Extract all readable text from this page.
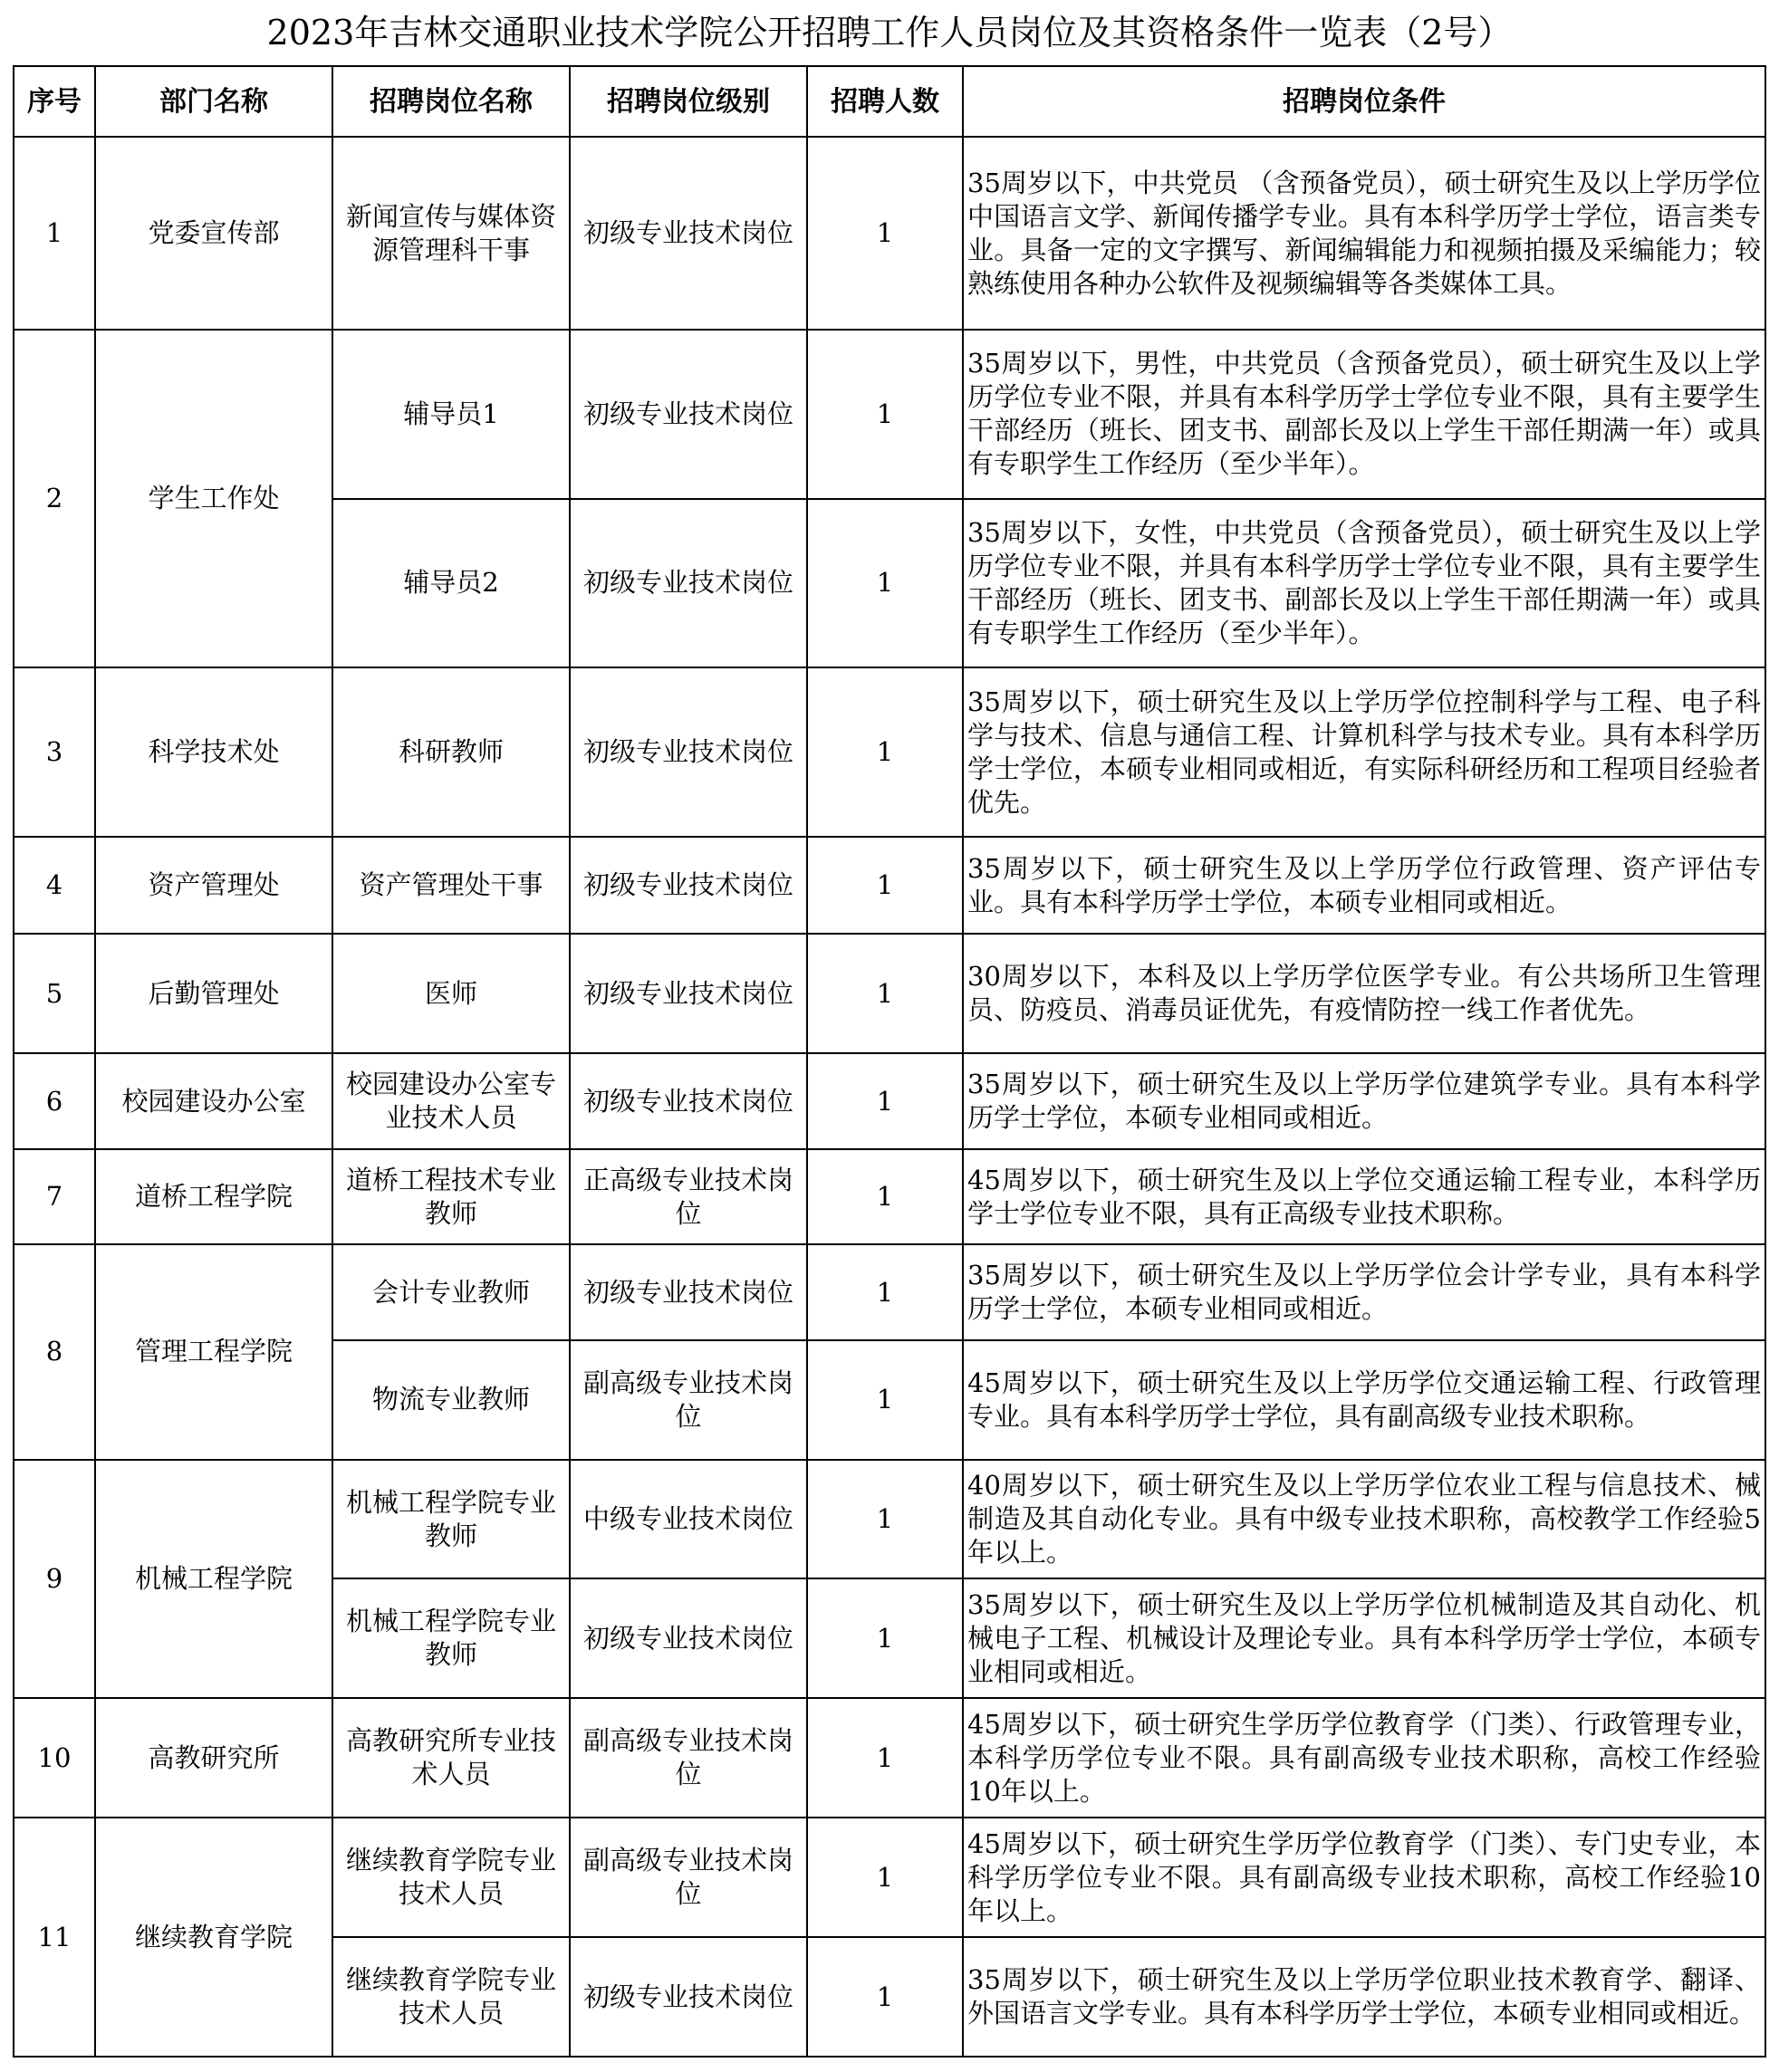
2023年吉林交通职业技术学院公开招聘工作人员岗位及其资格条件一览表（2号）
序号	部门名称	招聘岗位名称	招聘岗位级别	招聘人数	招聘岗位条件
1	党委宣传部	新闻宣传与媒体资源管理科干事	初级专业技术岗位	1	35周岁以下，中共党员 （含预备党员），硕士研究生及以上学历学位中国语言文学、新闻传播学专业。具有本科学历学士学位，语言类专业。具备一定的文字撰写、新闻编辑能力和视频拍摄及采编能力；较熟练使用各种办公软件及视频编辑等各类媒体工具。
2	学生工作处	辅导员1	初级专业技术岗位	1	35周岁以下，男性，中共党员（含预备党员），硕士研究生及以上学历学位专业不限，并具有本科学历学士学位专业不限，具有主要学生干部经历（班长、团支书、副部长及以上学生干部任期满一年）或具有专职学生工作经历（至少半年）。
		辅导员2	初级专业技术岗位	1	35周岁以下，女性，中共党员（含预备党员），硕士研究生及以上学历学位专业不限，并具有本科学历学士学位专业不限，具有主要学生干部经历（班长、团支书、副部长及以上学生干部任期满一年）或具有专职学生工作经历（至少半年）。
3	科学技术处	科研教师	初级专业技术岗位	1	35周岁以下，硕士研究生及以上学历学位控制科学与工程、电子科学与技术、信息与通信工程、计算机科学与技术专业。具有本科学历学士学位，本硕专业相同或相近，有实际科研经历和工程项目经验者优先。
4	资产管理处	资产管理处干事	初级专业技术岗位	1	35周岁以下，硕士研究生及以上学历学位行政管理、资产评估专业。具有本科学历学士学位，本硕专业相同或相近。
5	后勤管理处	医师	初级专业技术岗位	1	30周岁以下，本科及以上学历学位医学专业。有公共场所卫生管理员、防疫员、消毒员证优先，有疫情防控一线工作者优先。
6	校园建设办公室	校园建设办公室专业技术人员	初级专业技术岗位	1	35周岁以下，硕士研究生及以上学历学位建筑学专业。具有本科学历学士学位，本硕专业相同或相近。
7	道桥工程学院	道桥工程技术专业教师	正高级专业技术岗位	1	45周岁以下，硕士研究生及以上学位交通运输工程专业，本科学历学士学位专业不限，具有正高级专业技术职称。
8	管理工程学院	会计专业教师	初级专业技术岗位	1	35周岁以下，硕士研究生及以上学历学位会计学专业，具有本科学历学士学位，本硕专业相同或相近。
		物流专业教师	副高级专业技术岗位	1	45周岁以下，硕士研究生及以上学历学位交通运输工程、行政管理专业。具有本科学历学士学位，具有副高级专业技术职称。
9	机械工程学院	机械工程学院专业教师	中级专业技术岗位	1	40周岁以下，硕士研究生及以上学历学位农业工程与信息技术、械制造及其自动化专业。具有中级专业技术职称，高校教学工作经验5年以上。
		机械工程学院专业教师	初级专业技术岗位	1	35周岁以下，硕士研究生及以上学历学位机械制造及其自动化、机械电子工程、机械设计及理论专业。具有本科学历学士学位，本硕专业相同或相近。
10	高教研究所	高教研究所专业技术人员	副高级专业技术岗位	1	45周岁以下，硕士研究生学历学位教育学（门类）、行政管理专业，本科学历学位专业不限。具有副高级专业技术职称，高校工作经验10年以上。
11	继续教育学院	继续教育学院专业技术人员	副高级专业技术岗位	1	45周岁以下，硕士研究生学历学位教育学（门类）、专门史专业，本科学历学位专业不限。具有副高级专业技术职称，高校工作经验10年以上。
		继续教育学院专业技术人员	初级专业技术岗位	1	35周岁以下，硕士研究生及以上学历学位职业技术教育学、翻译、外国语言文学专业。具有本科学历学士学位，本硕专业相同或相近。
